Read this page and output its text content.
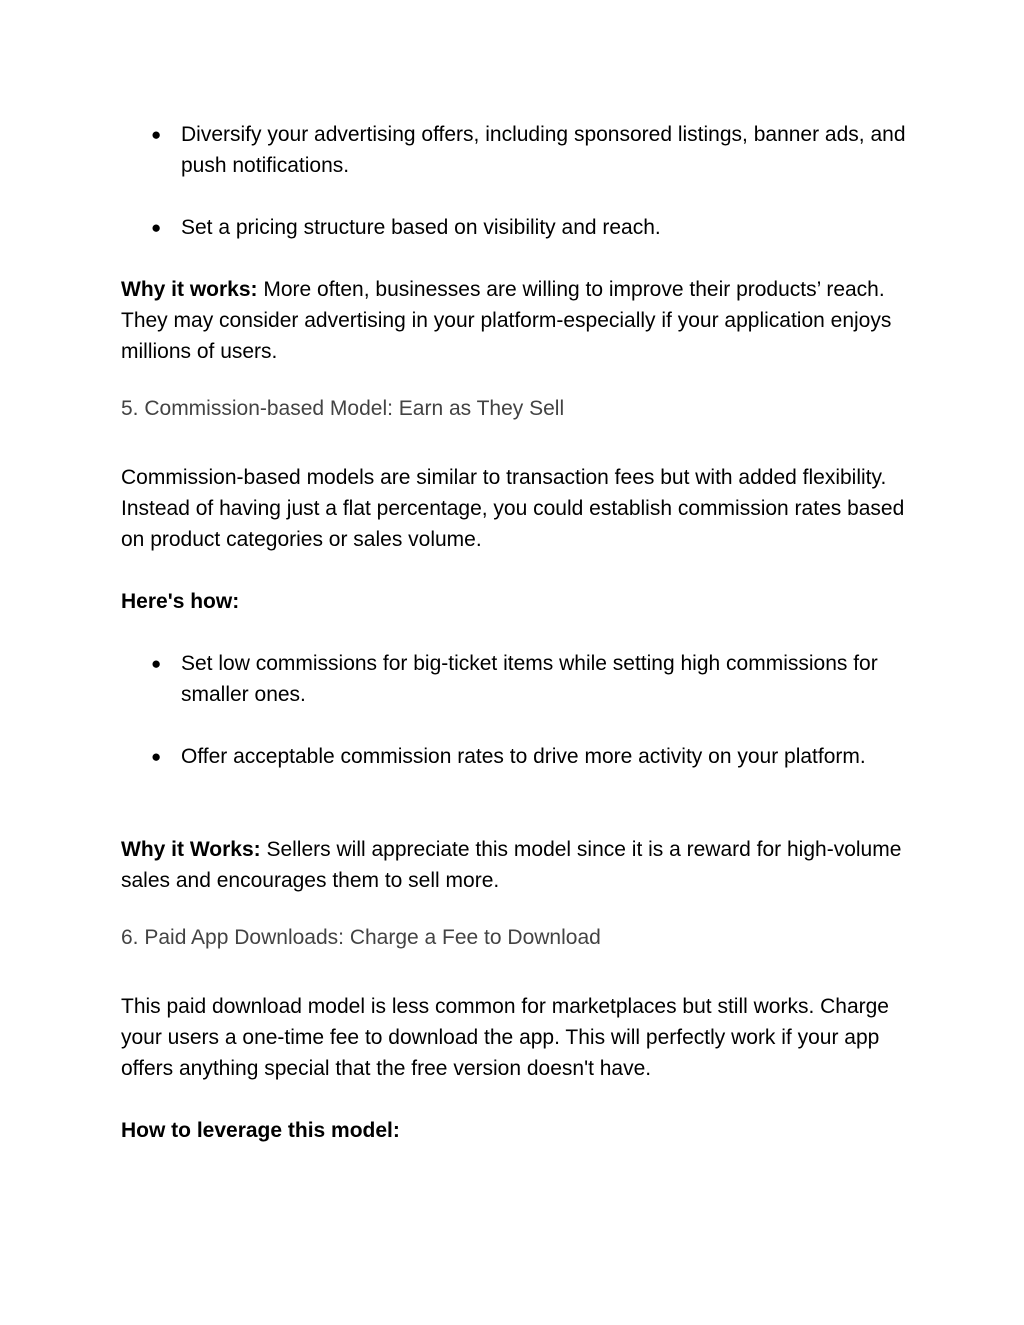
● Diversify your advertising offers, including sponsored listings, banner ads, and push notifications.
● Set a pricing structure based on visibility and reach.

Why it works: More often, businesses are willing to improve their products’ reach. They may consider advertising in your platform-especially if your application enjoys millions of users.

5. Commission-based Model: Earn as They Sell

Commission-based models are similar to transaction fees but with added flexibility. Instead of having just a flat percentage, you could establish commission rates based on product categories or sales volume.

Here's how:
● Set low commissions for big-ticket items while setting high commissions for smaller ones.
● Offer acceptable commission rates to drive more activity on your platform.

Why it Works: Sellers will appreciate this model since it is a reward for high-volume sales and encourages them to sell more.

6. Paid App Downloads: Charge a Fee to Download

This paid download model is less common for marketplaces but still works. Charge your users a one-time fee to download the app. This will perfectly work if your app offers anything special that the free version doesn't have.

How to leverage this model:
